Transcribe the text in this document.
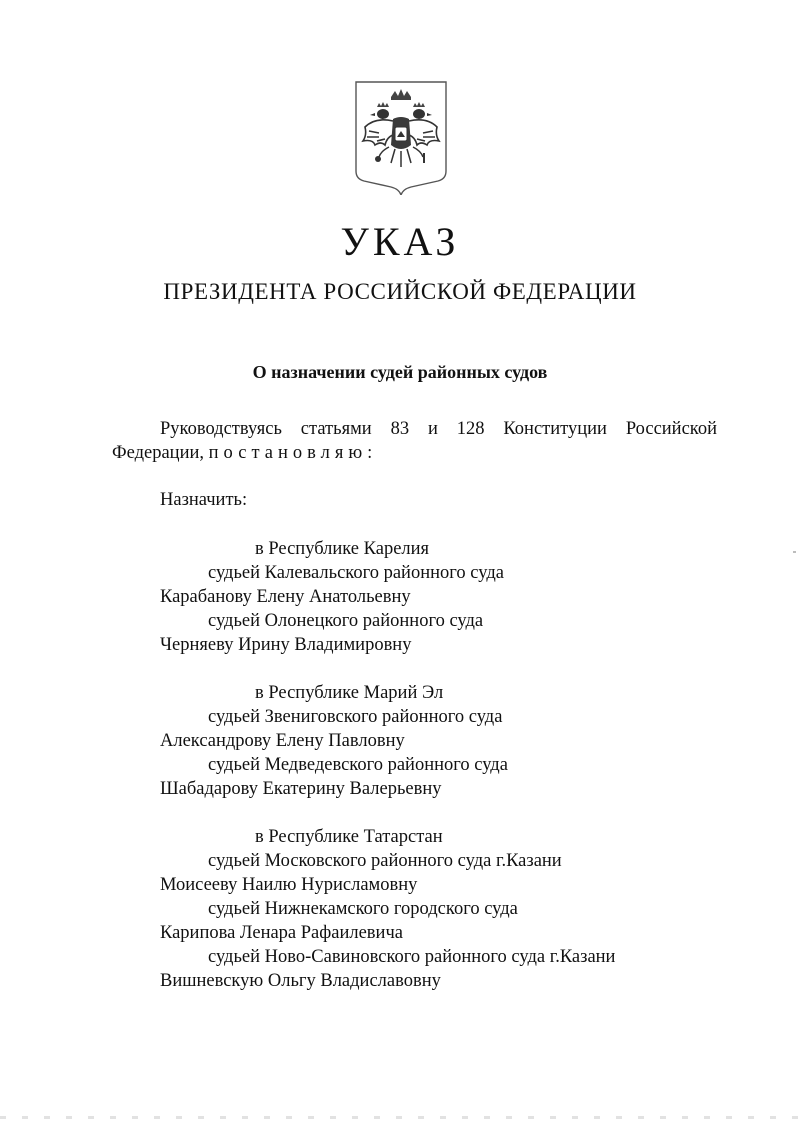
УКАЗ
ПРЕЗИДЕНТА РОССИЙСКОЙ ФЕДЕРАЦИИ
О назначении судей районных судов
Руководствуясь статьями 83 и 128 Конституции Российской
Федерации, постановляю:
Назначить:
в Республике Карелия
судьей Калевальского районного суда
Карабанову Елену Анатольевну
судьей Олонецкого районного суда
Черняеву Ирину Владимировну
в Республике Марий Эл
судьей Звениговского районного суда
Александрову Елену Павловну
судьей Медведевского районного суда
Шабадарову Екатерину Валерьевну
в Республике Татарстан
судьей Московского районного суда г.Казани
Моисееву Наилю Нурисламовну
судьей Нижнекамского городского суда
Карипова Ленара Рафаилевича
судьей Ново-Савиновского районного суда г.Казани
Вишневскую Ольгу Владиславовну
